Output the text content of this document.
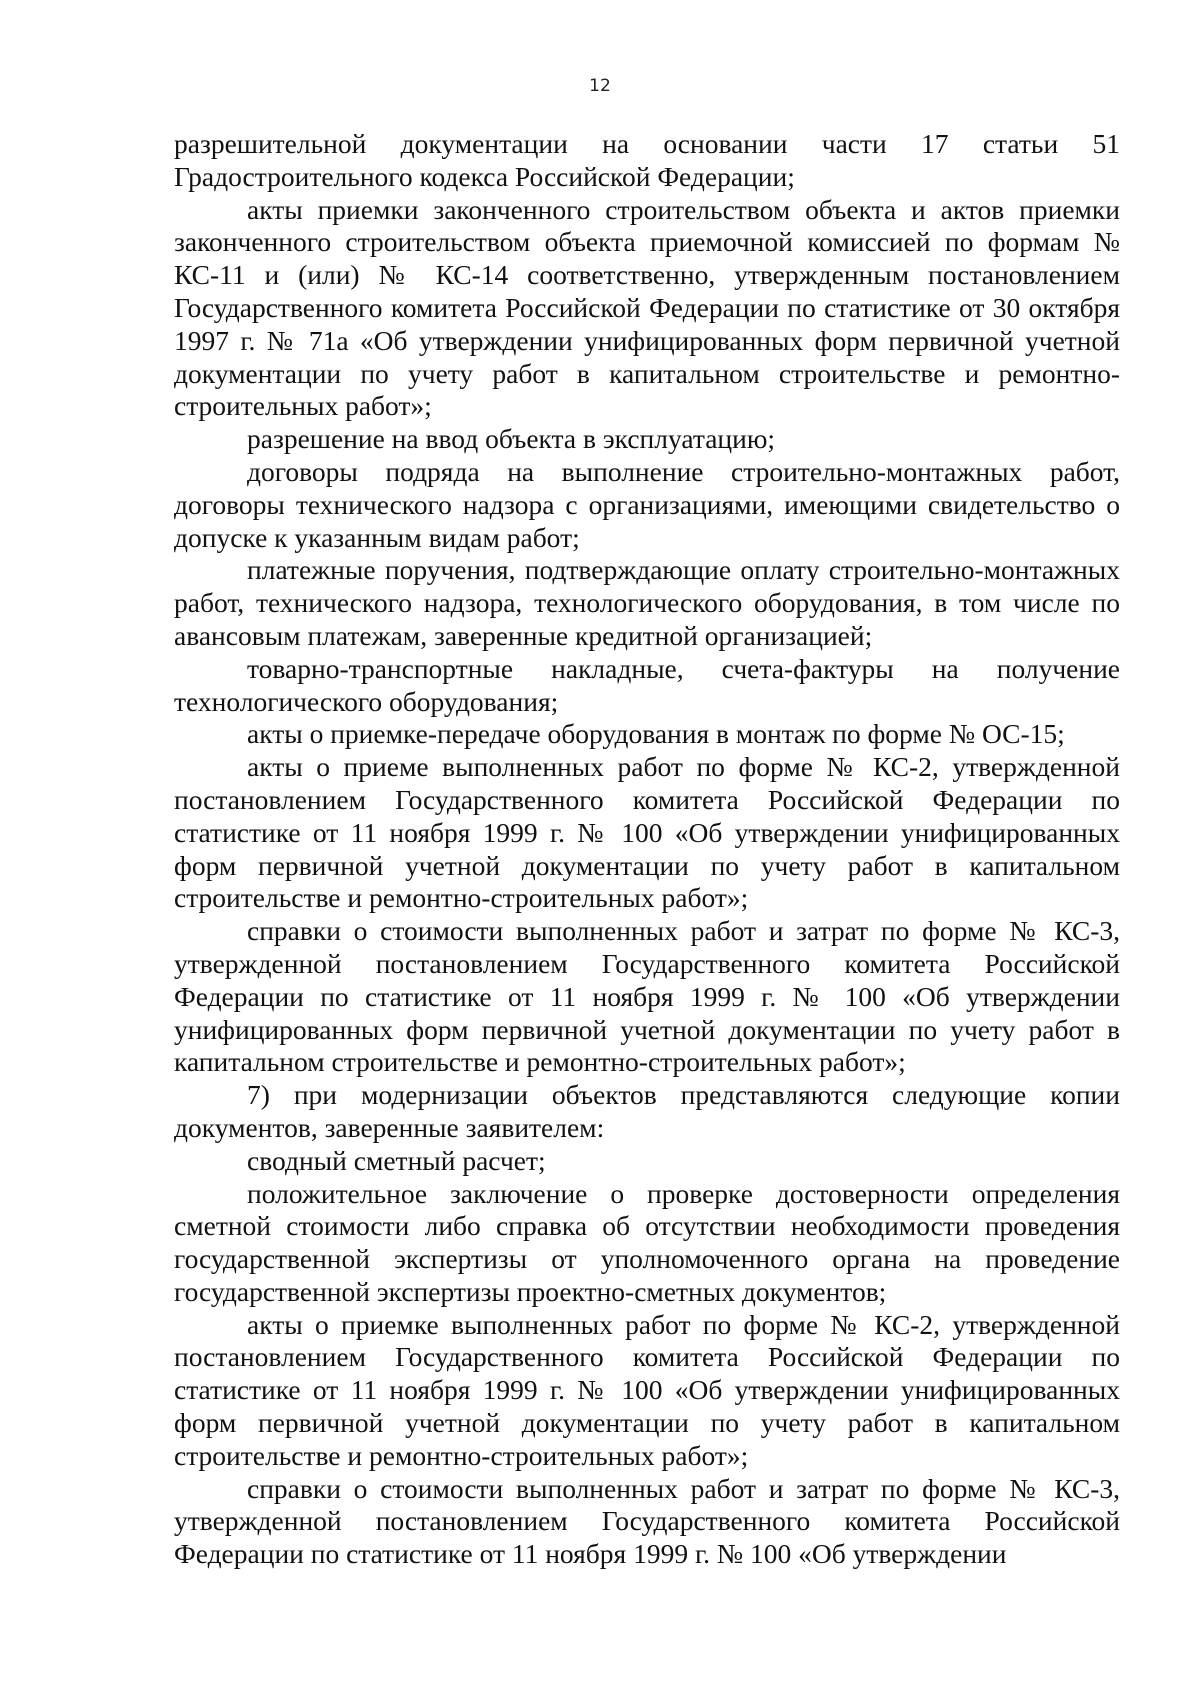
12

разрешительной документации на основании части 17 статьи 51 Градостроительного кодекса Российской Федерации;

акты приемки законченного строительством объекта и актов приемки законченного строительством объекта приемочной комиссией по формам № КС-11 и (или) № КС-14 соответственно, утвержденным постановлением Государственного комитета Российской Федерации по статистике от 30 октября 1997 г. № 71а «Об утверждении унифицированных форм первичной учетной документации по учету работ в капитальном строительстве и ремонтно-строительных работ»;

разрешение на ввод объекта в эксплуатацию;

договоры подряда на выполнение строительно-монтажных работ, договоры технического надзора с организациями, имеющими свидетельство о допуске к указанным видам работ;

платежные поручения, подтверждающие оплату строительно-монтажных работ, технического надзора, технологического оборудования, в том числе по авансовым платежам, заверенные кредитной организацией;

товарно-транспортные накладные, счета-фактуры на получение технологического оборудования;

акты о приемке-передаче оборудования в монтаж по форме № ОС-15;

акты о приеме выполненных работ по форме № КС-2, утвержденной постановлением Государственного комитета Российской Федерации по статистике от 11 ноября 1999 г. № 100 «Об утверждении унифицированных форм первичной учетной документации по учету работ в капитальном строительстве и ремонтно-строительных работ»;

справки о стоимости выполненных работ и затрат по форме № КС-3, утвержденной постановлением Государственного комитета Российской Федерации по статистике от 11 ноября 1999 г. № 100 «Об утверждении унифицированных форм первичной учетной документации по учету работ в капитальном строительстве и ремонтно-строительных работ»;

7) при модернизации объектов представляются следующие копии документов, заверенные заявителем:

сводный сметный расчет;

положительное заключение о проверке достоверности определения сметной стоимости либо справка об отсутствии необходимости проведения государственной экспертизы от уполномоченного органа на проведение государственной экспертизы проектно-сметных документов;

акты о приемке выполненных работ по форме № КС-2, утвержденной постановлением Государственного комитета Российской Федерации по статистике от 11 ноября 1999 г. № 100 «Об утверждении унифицированных форм первичной учетной документации по учету работ в капитальном строительстве и ремонтно-строительных работ»;

справки о стоимости выполненных работ и затрат по форме № КС-3, утвержденной постановлением Государственного комитета Российской Федерации по статистике от 11 ноября 1999 г. № 100 «Об утверждении
